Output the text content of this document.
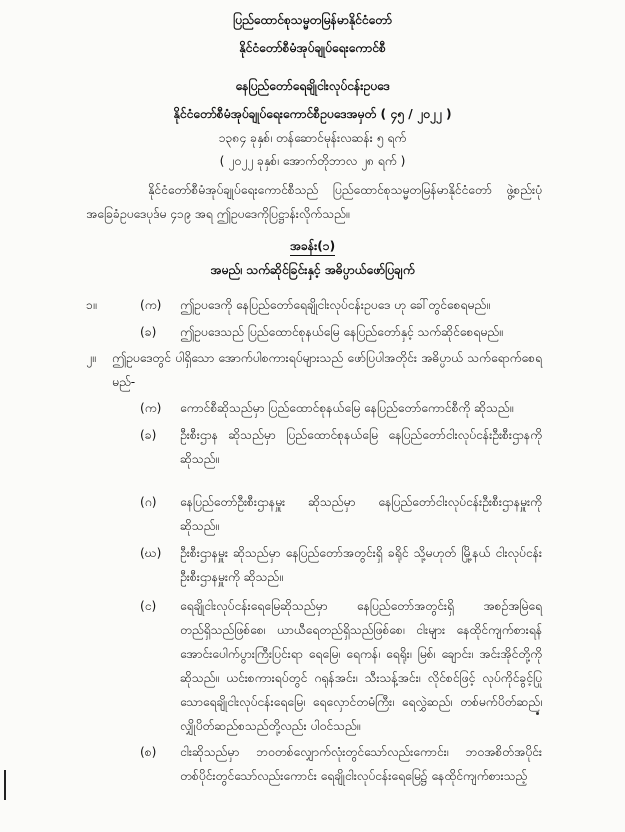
ပြည်ထောင်စုသမ္မတမြန်မာနိုင်ငံတော်
နိုင်ငံတော်စီမံအုပ်ချုပ်ရေးကောင်စီ
နေပြည်တော်ရေချိုငါးလုပ်ငန်းဥပဒေ
နိုင်ငံတော်စီမံအုပ်ချုပ်ရေးကောင်စီဥပဒေအမှတ် ( ၄၅ / ၂၀၂၂ )
၁၃၈၄ ခုနှစ်၊ တန်ဆောင်မုန်းလဆန်း ၅ ရက်
( ၂၀၂၂ ခုနှစ်၊ အောက်တိုဘာလ ၂၈ ရက် )
နိုင်ငံတော်စီမံအုပ်ချုပ်ရေးကောင်စီသည် ပြည်ထောင်စုသမ္မတမြန်မာနိုင်ငံတော် ဖွဲ့စည်းပုံအခြေခံဥပဒေပုဒ်မ ၄၁၉ အရ ဤဥပဒေကိုပြဋ္ဌာန်းလိုက်သည်။
အခန်း(၁)
အမည်၊ သက်ဆိုင်ခြင်းနှင့် အဓိပ္ပာယ်ဖော်ပြချက်
၁။	(က) ဤဥပဒေကို နေပြည်တော်ရေချိုငါးလုပ်ငန်းဥပဒေ ဟု ခေါ်တွင်စေရမည်။
(ခ) ဤဥပဒေသည် ပြည်ထောင်စုနယ်မြေ နေပြည်တော်နှင့် သက်ဆိုင်စေရမည်။
၂။ ဤဥပဒေတွင် ပါရှိသော အောက်ပါစကားရပ်များသည် ဖော်ပြပါအတိုင်း အဓိပ္ပာယ် သက်ရောက်စေရမည်-
(က) ကောင်စီဆိုသည်မှာ ပြည်ထောင်စုနယ်မြေ နေပြည်တော်ကောင်စီကို ဆိုသည်။
(ခ) ဦးစီးဌာန ဆိုသည်မှာ ပြည်ထောင်စုနယ်မြေ နေပြည်တော်ငါးလုပ်ငန်းဦးစီးဌာနကို ဆိုသည်။
(ဂ) နေပြည်တော်ဦးစီးဌာနမှူး ဆိုသည်မှာ နေပြည်တော်ငါးလုပ်ငန်းဦးစီးဌာနမှူးကို ဆိုသည်။
(ဃ) ဦးစီးဌာနမှူး ဆိုသည်မှာ နေပြည်တော်အတွင်းရှိ ခရိုင် သို့မဟုတ် မြို့နယ် ငါးလုပ်ငန်းဦးစီးဌာနမှူးကို ဆိုသည်။
(င) ရေချိုငါးလုပ်ငန်းရေမြေဆိုသည်မှာ နေပြည်တော်အတွင်းရှိ အစဉ်အမြဲရေတည်ရှိသည်ဖြစ်စေ၊ ယာယီရေတည်ရှိသည်ဖြစ်စေ၊ ငါးများ နေထိုင်ကျက်စားရန်အောင်းပေါက်ပွားကြီးပြင်းရာ ရေမြေ၊ ရေကန်၊ ရေရိုး၊ မြစ်၊ ချောင်း၊ အင်းအိုင်တို့ကို ဆိုသည်။ ယင်းစကားရပ်တွင် ဂရုန်အင်း၊ သီးသန့်အင်း၊ လိုင်စင်ဖြင့် လုပ်ကိုင်ခွင့်ပြုသောရေချိုငါးလုပ်ငန်းရေမြေ၊ ရေလှောင်တမံကြီး၊ ရေလွှဲဆည်၊ တစ်မက်ပိတ်ဆည်၊ လျှိုပိတ်ဆည်စသည်တို့လည်း ပါဝင်သည်။
(စ) ငါးဆိုသည်မှာ ဘဝတစ်လျှောက်လုံးတွင်သော်လည်းကောင်း၊ ဘဝအစိတ်အပိုင်း တစ်ပိုင်းတွင်သော်လည်းကောင်း ရေချိုငါးလုပ်ငန်းရေမြေ၌ နေထိုင်ကျက်စားသည့်
